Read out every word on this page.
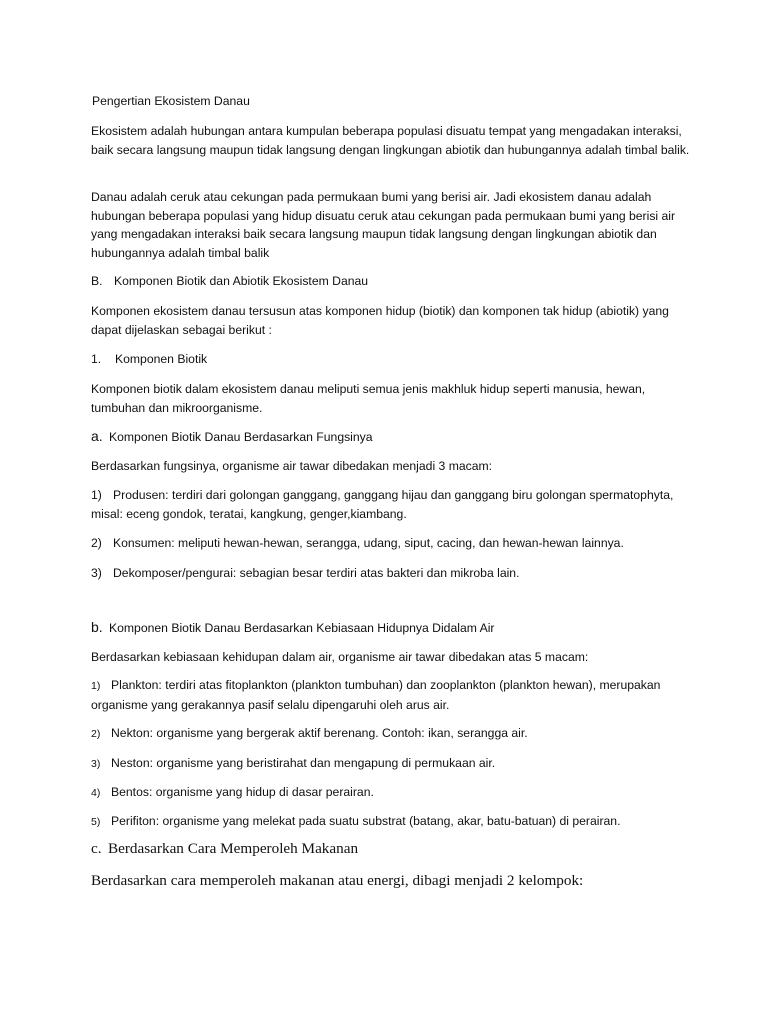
Pengertian Ekosistem Danau

Ekosistem adalah hubungan antara kumpulan beberapa populasi disuatu tempat yang mengadakan interaksi, baik secara langsung maupun tidak langsung dengan lingkungan abiotik dan hubungannya adalah timbal balik.

Danau adalah ceruk atau cekungan pada permukaan bumi yang berisi air. Jadi ekosistem danau adalah hubungan beberapa populasi yang hidup disuatu ceruk atau cekungan pada permukaan bumi yang berisi air yang mengadakan interaksi baik secara langsung maupun tidak langsung dengan lingkungan abiotik dan hubungannya adalah timbal balik

B. Komponen Biotik dan Abiotik Ekosistem Danau

Komponen ekosistem danau tersusun atas komponen hidup (biotik) dan komponen tak hidup (abiotik) yang dapat dijelaskan sebagai berikut :

1. Komponen Biotik

Komponen biotik dalam ekosistem danau meliputi semua jenis makhluk hidup seperti manusia, hewan, tumbuhan dan mikroorganisme.

a. Komponen Biotik Danau Berdasarkan Fungsinya

Berdasarkan fungsinya, organisme air tawar dibedakan menjadi 3 macam:

1) Produsen: terdiri dari golongan ganggang, ganggang hijau dan ganggang biru golongan spermatophyta, misal: eceng gondok, teratai, kangkung, genger,kiambang.

2) Konsumen: meliputi hewan-hewan, serangga, udang, siput, cacing, dan hewan-hewan lainnya.

3) Dekomposer/pengurai: sebagian besar terdiri atas bakteri dan mikroba lain.

b. Komponen Biotik Danau Berdasarkan Kebiasaan Hidupnya Didalam Air

Berdasarkan kebiasaan kehidupan dalam air, organisme air tawar dibedakan atas 5 macam:

1) Plankton: terdiri atas fitoplankton (plankton tumbuhan) dan zooplankton (plankton hewan), merupakan organisme yang gerakannya pasif selalu dipengaruhi oleh arus air.

2) Nekton: organisme yang bergerak aktif berenang. Contoh: ikan, serangga air.

3) Neston: organisme yang beristirahat dan mengapung di permukaan air.

4) Bentos: organisme yang hidup di dasar perairan.

5) Perifiton: organisme yang melekat pada suatu substrat (batang, akar, batu-batuan) di perairan.

c. Berdasarkan Cara Memperoleh Makanan

Berdasarkan cara memperoleh makanan atau energi, dibagi menjadi 2 kelompok:
